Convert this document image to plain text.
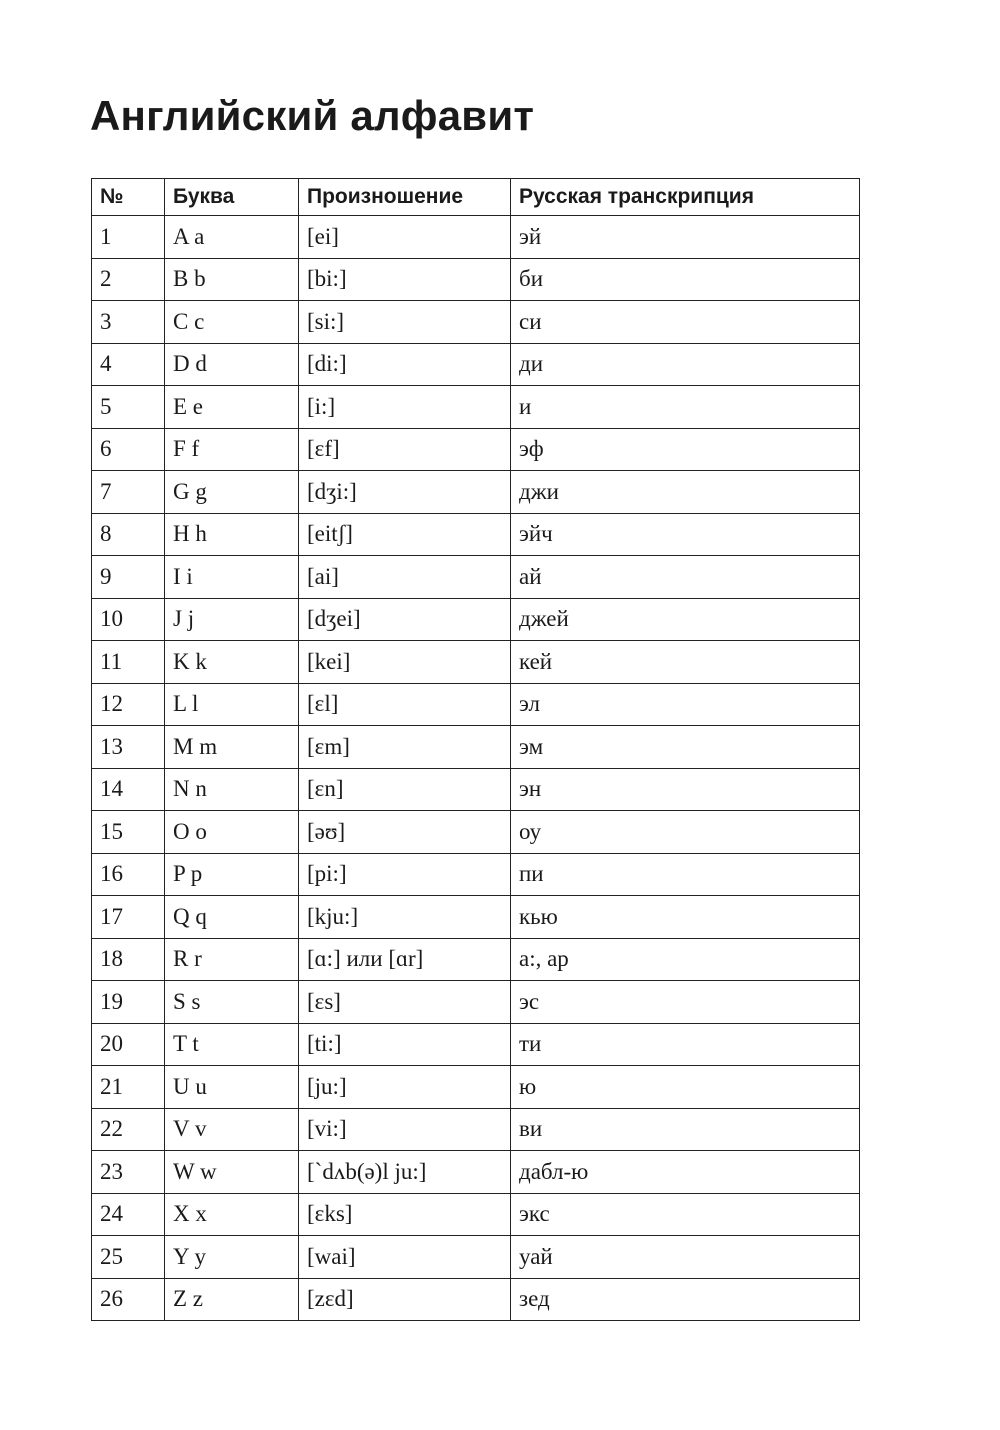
Английский алфавит
№	Буква	Произношение	Русская транскрипция
1	A a	[ei]	эй
2	B b	[bi:]	би
3	C c	[si:]	си
4	D d	[di:]	ди
5	E e	[i:]	и
6	F f	[ɛf]	эф
7	G g	[dʒi:]	джи
8	H h	[eitʃ]	эйч
9	I i	[ai]	ай
10	J j	[dʒei]	джей
11	K k	[kei]	кей
12	L l	[ɛl]	эл
13	M m	[ɛm]	эм
14	N n	[ɛn]	эн
15	O o	[əʊ]	оу
16	P p	[pi:]	пи
17	Q q	[kju:]	кью
18	R r	[ɑ:] или [ɑr]	а:, ар
19	S s	[ɛs]	эс
20	T t	[ti:]	ти
21	U u	[ju:]	ю
22	V v	[vi:]	ви
23	W w	[`dʌb(ə)l ju:]	дабл-ю
24	X x	[ɛks]	экс
25	Y y	[wai]	уай
26	Z z	[zɛd]	зед
